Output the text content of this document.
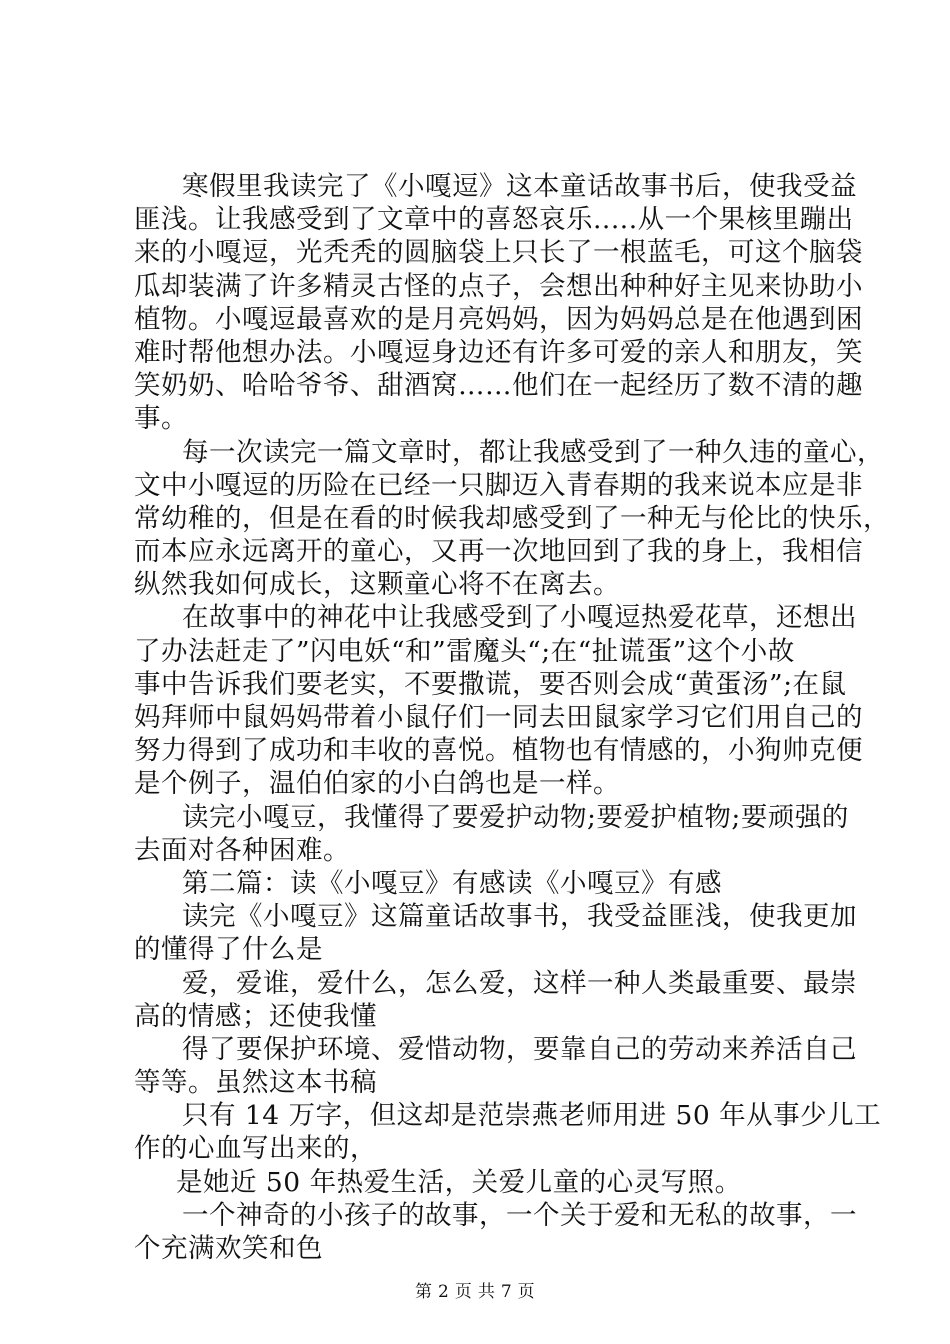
寒假里我读完了《小嘎逗》这本童话故事书后，使我受益
匪浅。让我感受到了文章中的喜怒哀乐.....从一个果核里蹦出
来的小嘎逗，光秃秃的圆脑袋上只长了一根蓝毛，可这个脑袋
瓜却装满了许多精灵古怪的点子，会想出种种好主见来协助小
植物。小嘎逗最喜欢的是月亮妈妈，因为妈妈总是在他遇到困
难时帮他想办法。小嘎逗身边还有许多可爱的亲人和朋友，笑
笑奶奶、哈哈爷爷、甜酒窝……他们在一起经历了数不清的趣
事。
每一次读完一篇文章时，都让我感受到了一种久违的童心，
文中小嘎逗的历险在已经一只脚迈入青春期的我来说本应是非
常幼稚的，但是在看的时候我却感受到了一种无与伦比的快乐，
而本应永远离开的童心，又再一次地回到了我的身上，我相信
纵然我如何成长，这颗童心将不在离去。
在故事中的神花中让我感受到了小嘎逗热爱花草，还想出
了办法赶走了”闪电妖“和”雷魔头“;在“扯谎蛋”这个小故
事中告诉我们要老实，不要撒谎，要否则会成“黄蛋汤”;在鼠
妈拜师中鼠妈妈带着小鼠仔们一同去田鼠家学习它们用自己的
努力得到了成功和丰收的喜悦。植物也有情感的，小狗帅克便
是个例子，温伯伯家的小白鸽也是一样。
读完小嘎豆，我懂得了要爱护动物;要爱护植物;要顽强的
去面对各种困难。
第二篇：读《小嘎豆》有感读《小嘎豆》有感
读完《小嘎豆》这篇童话故事书，我受益匪浅，使我更加
的懂得了什么是
爱，爱谁，爱什么，怎么爱，这样一种人类最重要、最崇
高的情感；还使我懂
得了要保护环境、爱惜动物，要靠自己的劳动来养活自己
等等。虽然这本书稿
只有 14 万字，但这却是范崇燕老师用进 50 年从事少儿工
作的心血写出来的，
是她近 50 年热爱生活，关爱儿童的心灵写照。
一个神奇的小孩子的故事，一个关于爱和无私的故事，一
个充满欢笑和色
第 2 页 共 7 页
